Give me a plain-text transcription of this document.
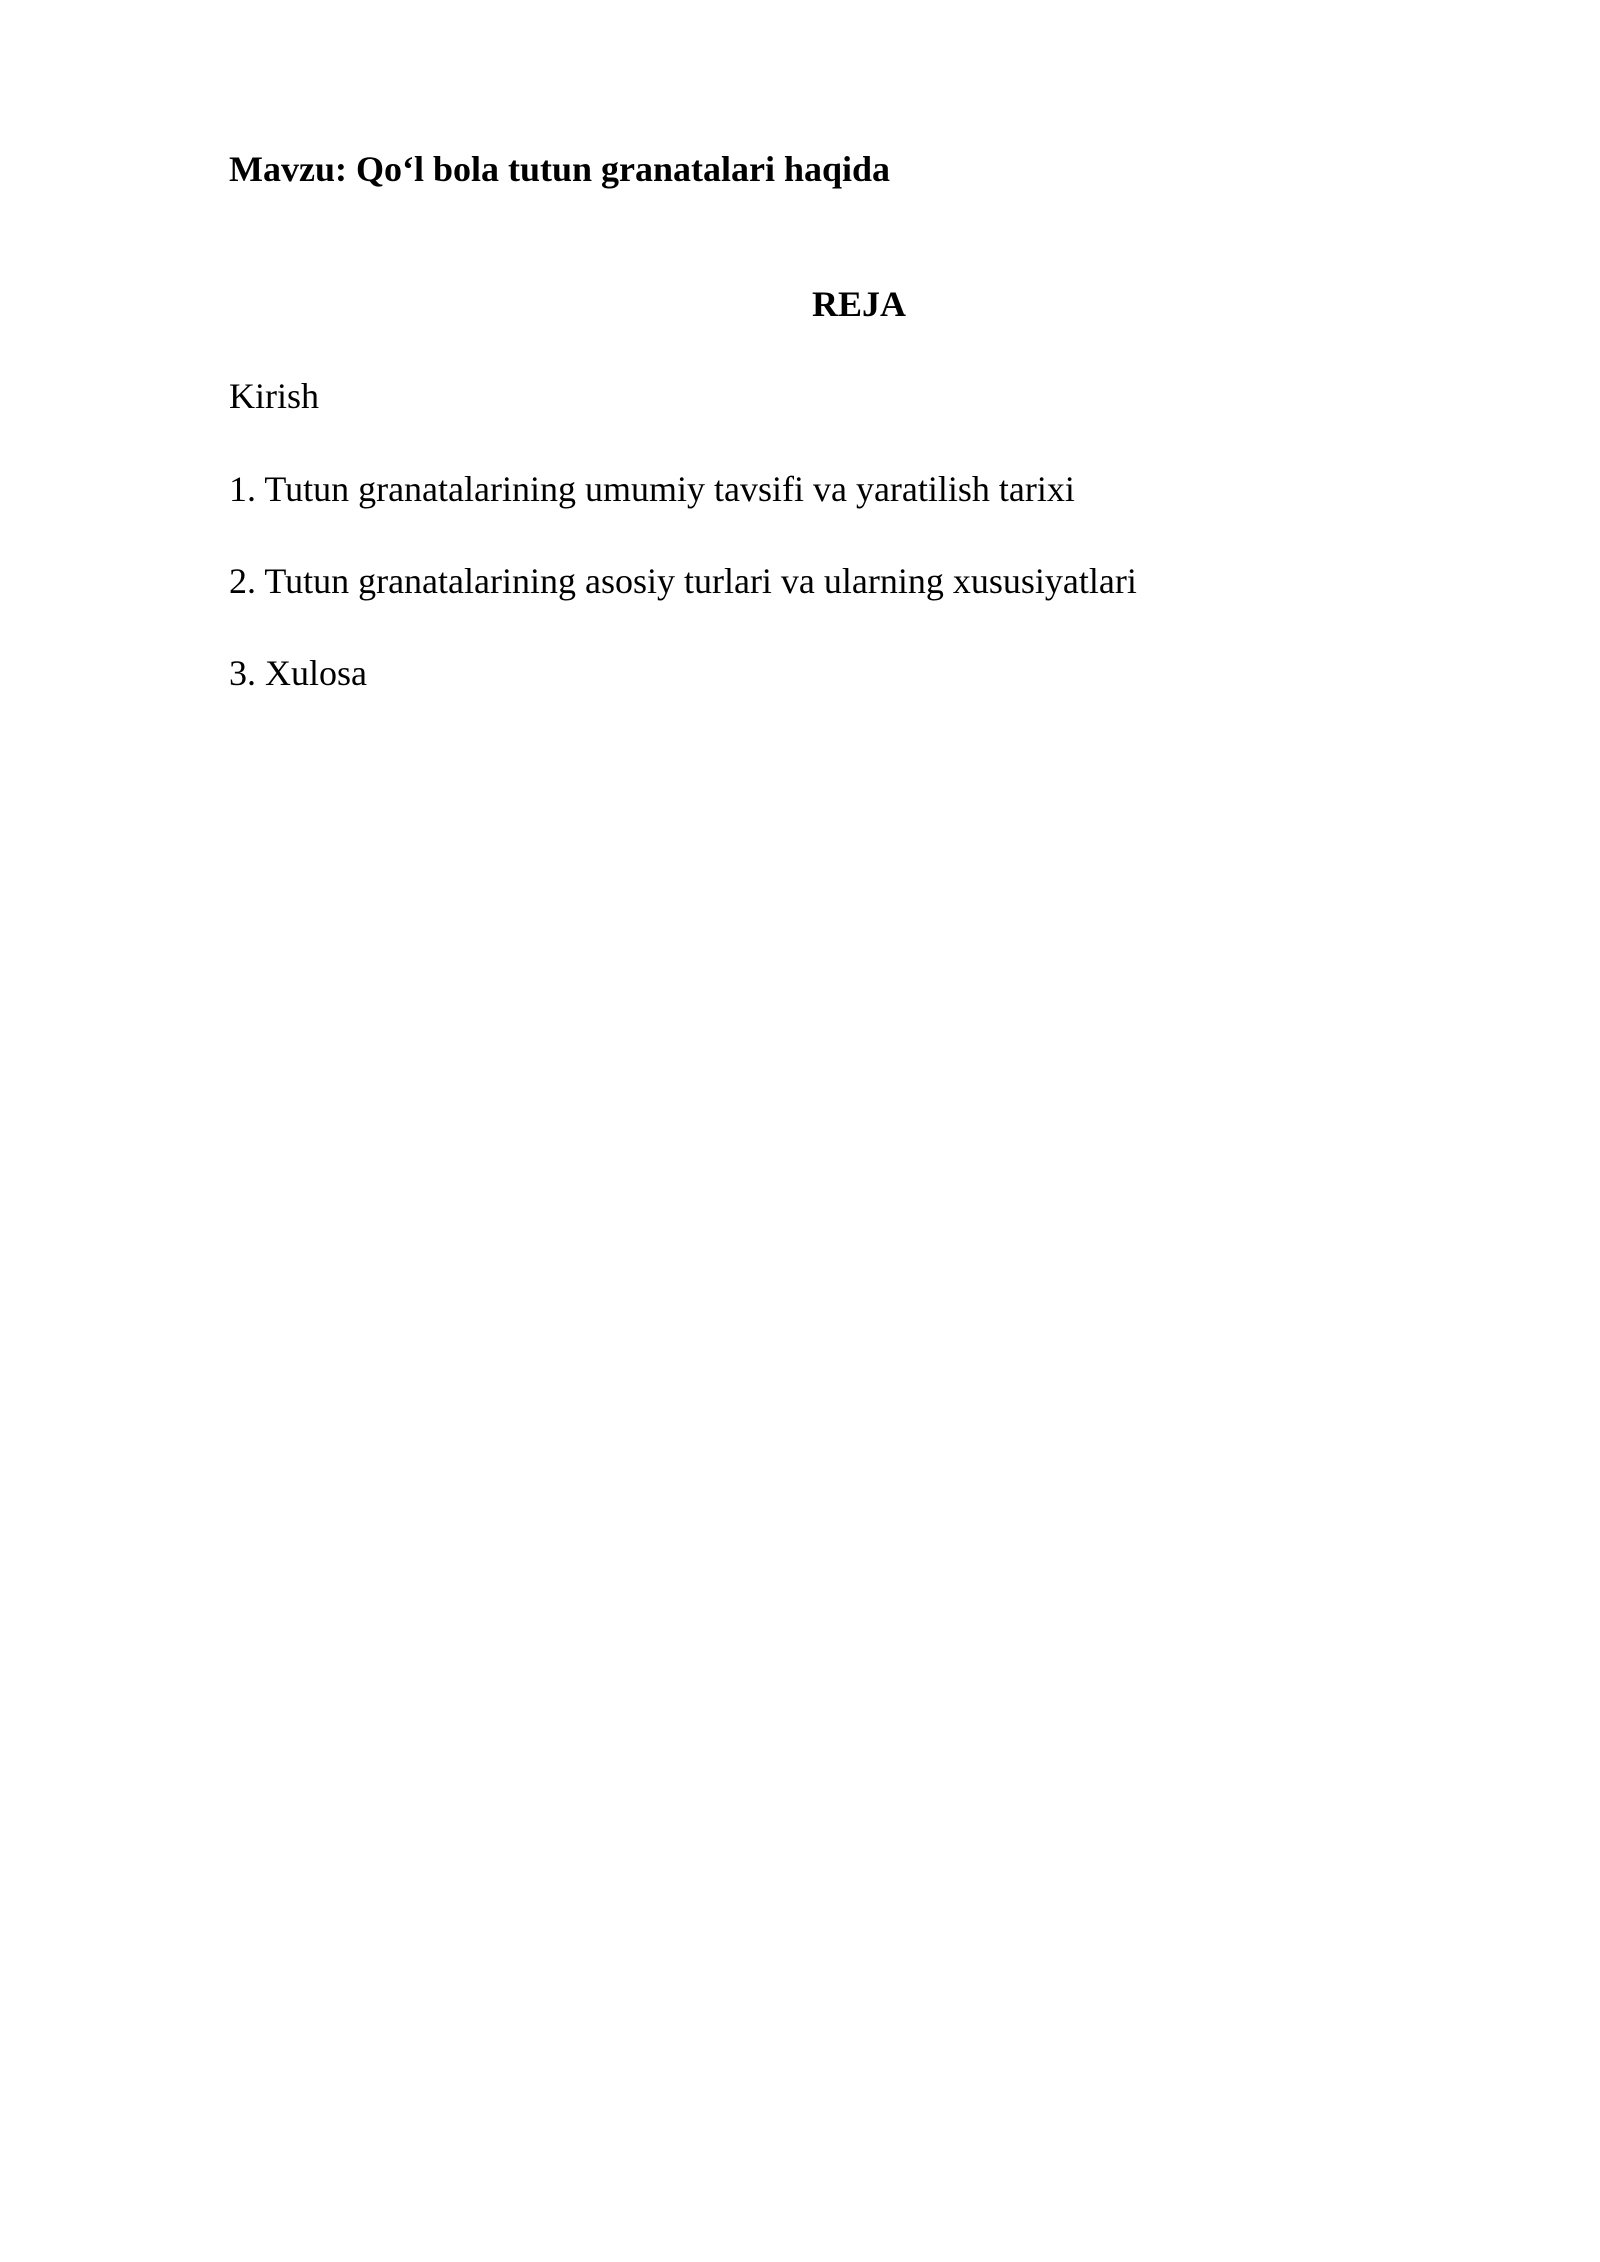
Mavzu: Qo‘l bola tutun granatalari haqida

REJA

Kirish

1. Tutun granatalarining umumiy tavsifi va yaratilish tarixi

2. Tutun granatalarining asosiy turlari va ularning xususiyatlari

3. Xulosa
